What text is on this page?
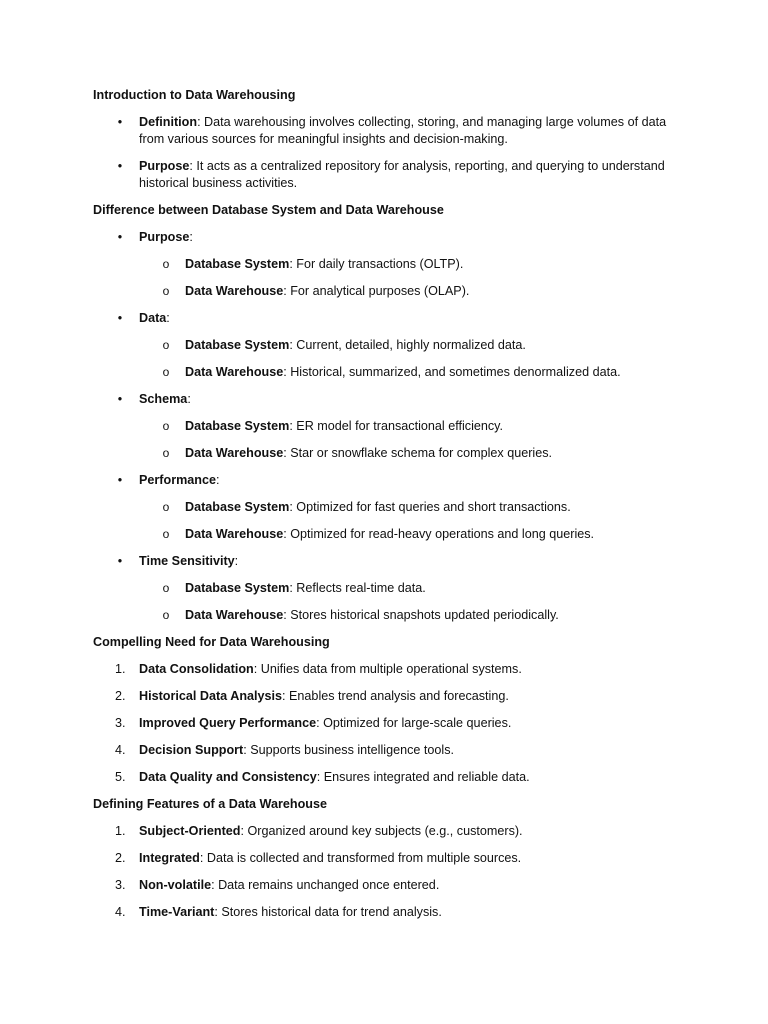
Introduction to Data Warehousing
• Definition: Data warehousing involves collecting, storing, and managing large volumes of data from various sources for meaningful insights and decision-making.
• Purpose: It acts as a centralized repository for analysis, reporting, and querying to understand historical business activities.
Difference between Database System and Data Warehouse
• Purpose:
o Database System: For daily transactions (OLTP).
o Data Warehouse: For analytical purposes (OLAP).
• Data:
o Database System: Current, detailed, highly normalized data.
o Data Warehouse: Historical, summarized, and sometimes denormalized data.
• Schema:
o Database System: ER model for transactional efficiency.
o Data Warehouse: Star or snowflake schema for complex queries.
• Performance:
o Database System: Optimized for fast queries and short transactions.
o Data Warehouse: Optimized for read-heavy operations and long queries.
• Time Sensitivity:
o Database System: Reflects real-time data.
o Data Warehouse: Stores historical snapshots updated periodically.
Compelling Need for Data Warehousing
1. Data Consolidation: Unifies data from multiple operational systems.
2. Historical Data Analysis: Enables trend analysis and forecasting.
3. Improved Query Performance: Optimized for large-scale queries.
4. Decision Support: Supports business intelligence tools.
5. Data Quality and Consistency: Ensures integrated and reliable data.
Defining Features of a Data Warehouse
1. Subject-Oriented: Organized around key subjects (e.g., customers).
2. Integrated: Data is collected and transformed from multiple sources.
3. Non-volatile: Data remains unchanged once entered.
4. Time-Variant: Stores historical data for trend analysis.
